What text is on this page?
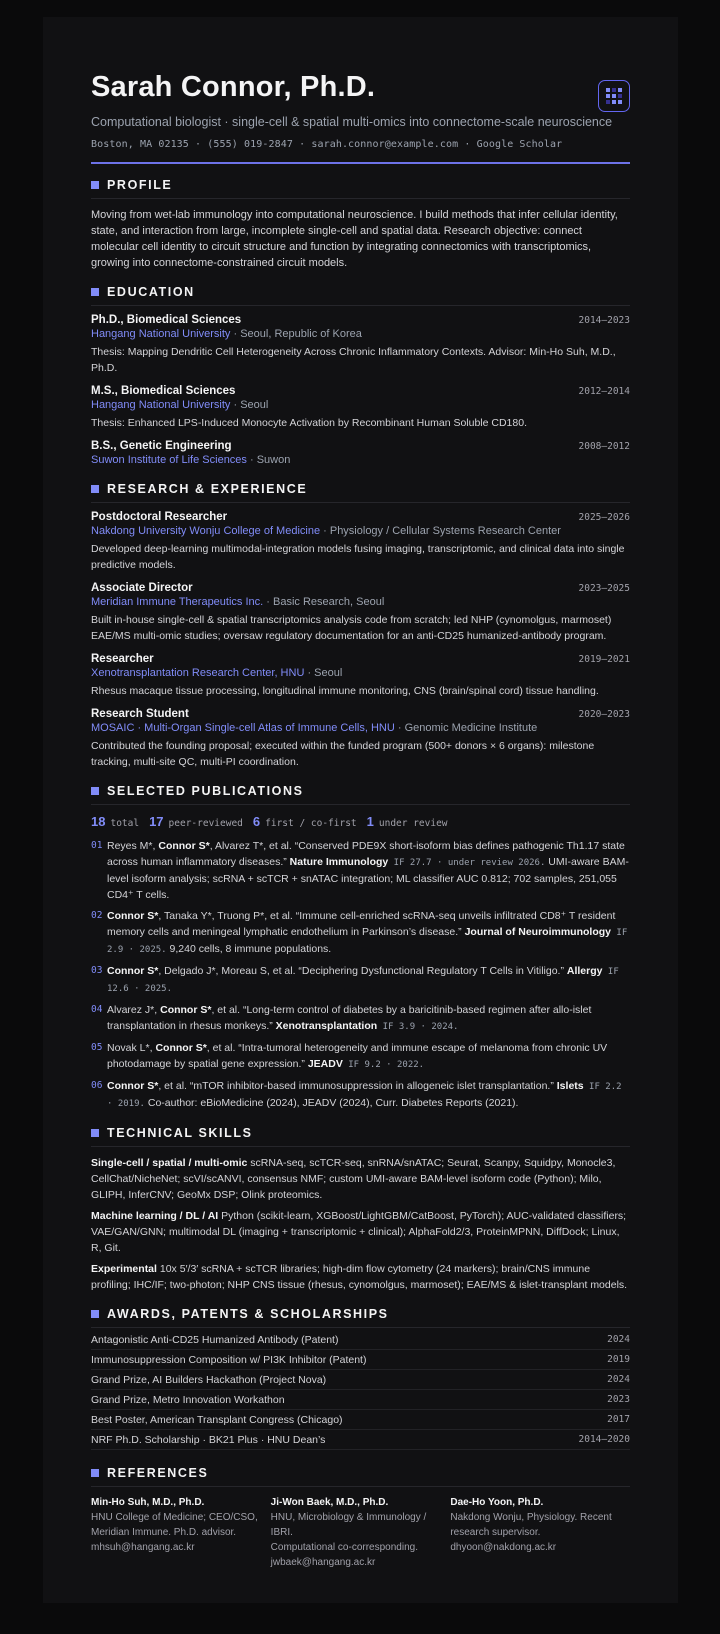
Sarah Connor, Ph.D.
Computational biologist · single-cell & spatial multi-omics into connectome-scale neuroscience
Boston, MA 02135 · (555) 019-2847 · sarah.connor@example.com · Google Scholar
PROFILE
Moving from wet-lab immunology into computational neuroscience. I build methods that infer cellular identity, state, and interaction from large, incomplete single-cell and spatial data. Research objective: connect molecular cell identity to circuit structure and function by integrating connectomics with transcriptomics, growing into connectome-constrained circuit models.
EDUCATION
Ph.D., Biomedical Sciences	2014–2023
Hangang National University · Seoul, Republic of Korea
Thesis: Mapping Dendritic Cell Heterogeneity Across Chronic Inflammatory Contexts. Advisor: Min-Ho Suh, M.D., Ph.D.
M.S., Biomedical Sciences	2012–2014
Hangang National University · Seoul
Thesis: Enhanced LPS-Induced Monocyte Activation by Recombinant Human Soluble CD180.
B.S., Genetic Engineering	2008–2012
Suwon Institute of Life Sciences · Suwon
RESEARCH & EXPERIENCE
Postdoctoral Researcher	2025–2026
Nakdong University Wonju College of Medicine · Physiology / Cellular Systems Research Center
Developed deep-learning multimodal-integration models fusing imaging, transcriptomic, and clinical data into single predictive models.
Associate Director	2023–2025
Meridian Immune Therapeutics Inc. · Basic Research, Seoul
Built in-house single-cell & spatial transcriptomics analysis code from scratch; led NHP (cynomolgus, marmoset) EAE/MS multi-omic studies; oversaw regulatory documentation for an anti-CD25 humanized-antibody program.
Researcher	2019–2021
Xenotransplantation Research Center, HNU · Seoul
Rhesus macaque tissue processing, longitudinal immune monitoring, CNS (brain/spinal cord) tissue handling.
Research Student	2020–2023
MOSAIC · Multi-Organ Single-cell Atlas of Immune Cells, HNU · Genomic Medicine Institute
Contributed the founding proposal; executed within the funded program (500+ donors × 6 organs): milestone tracking, multi-site QC, multi-PI coordination.
SELECTED PUBLICATIONS
18 total 17 peer-reviewed 6 first / co-first 1 under review
01 Reyes M*, Connor S*, Alvarez T*, et al. “Conserved PDE9X short-isoform bias defines pathogenic Th1.17 state across human inflammatory diseases.” Nature Immunology IF 27.7 · under review 2026. UMI-aware BAM-level isoform analysis; scRNA + scTCR + snATAC integration; ML classifier AUC 0.812; 702 samples, 251,055 CD4⁺ T cells.
02 Connor S*, Tanaka Y*, Truong P*, et al. “Immune cell-enriched scRNA-seq unveils infiltrated CD8⁺ T resident memory cells and meningeal lymphatic endothelium in Parkinson’s disease.” Journal of Neuroimmunology IF 2.9 · 2025. 9,240 cells, 8 immune populations.
03 Connor S*, Delgado J*, Moreau S, et al. “Deciphering Dysfunctional Regulatory T Cells in Vitiligo.” Allergy IF 12.6 · 2025.
04 Alvarez J*, Connor S*, et al. “Long-term control of diabetes by a baricitinib-based regimen after allo-islet transplantation in rhesus monkeys.” Xenotransplantation IF 3.9 · 2024.
05 Novak L*, Connor S*, et al. “Intra-tumoral heterogeneity and immune escape of melanoma from chronic UV photodamage by spatial gene expression.” JEADV IF 9.2 · 2022.
06 Connor S*, et al. “mTOR inhibitor-based immunosuppression in allogeneic islet transplantation.” Islets IF 2.2 · 2019. Co-author: eBioMedicine (2024), JEADV (2024), Curr. Diabetes Reports (2021).
TECHNICAL SKILLS
Single-cell / spatial / multi-omic scRNA-seq, scTCR-seq, snRNA/snATAC; Seurat, Scanpy, Squidpy, Monocle3, CellChat/NicheNet; scVI/scANVI, consensus NMF; custom UMI-aware BAM-level isoform code (Python); Milo, GLIPH, InferCNV; GeoMx DSP; Olink proteomics.
Machine learning / DL / AI Python (scikit-learn, XGBoost/LightGBM/CatBoost, PyTorch); AUC-validated classifiers; VAE/GAN/GNN; multimodal DL (imaging + transcriptomic + clinical); AlphaFold2/3, ProteinMPNN, DiffDock; Linux, R, Git.
Experimental 10x 5′/3′ scRNA + scTCR libraries; high-dim flow cytometry (24 markers); brain/CNS immune profiling; IHC/IF; two-photon; NHP CNS tissue (rhesus, cynomolgus, marmoset); EAE/MS & islet-transplant models.
AWARDS, PATENTS & SCHOLARSHIPS
Antagonistic Anti-CD25 Humanized Antibody (Patent)	2024
Immunosuppression Composition w/ PI3K Inhibitor (Patent)	2019
Grand Prize, AI Builders Hackathon (Project Nova)	2024
Grand Prize, Metro Innovation Workathon	2023
Best Poster, American Transplant Congress (Chicago)	2017
NRF Ph.D. Scholarship · BK21 Plus · HNU Dean’s	2014–2020
REFERENCES
Min-Ho Suh, M.D., Ph.D.
HNU College of Medicine; CEO/CSO,
Meridian Immune. Ph.D. advisor.
mhsuh@hangang.ac.kr
Ji-Won Baek, M.D., Ph.D.
HNU, Microbiology & Immunology / IBRI.
Computational co-corresponding.
jwbaek@hangang.ac.kr
Dae-Ho Yoon, Ph.D.
Nakdong Wonju, Physiology. Recent
research supervisor.
dhyoon@nakdong.ac.kr
